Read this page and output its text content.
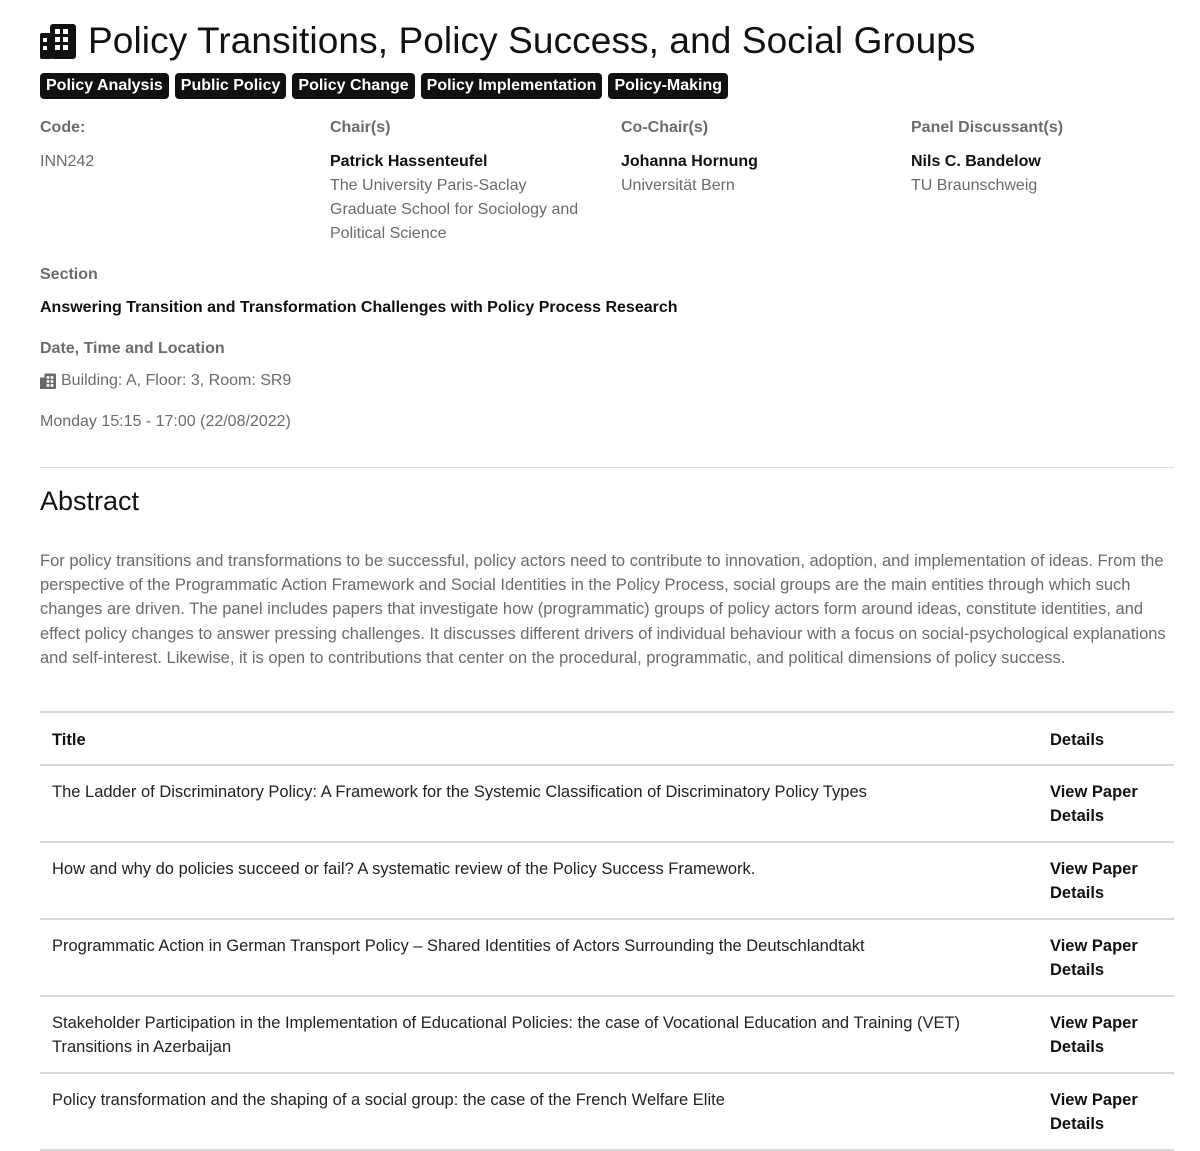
Policy Transitions, Policy Success, and Social Groups
Policy Analysis	Public Policy	Policy Change	Policy Implementation	Policy-Making
Code:
INN242
Chair(s)
Patrick Hassenteufel
The University Paris-Saclay Graduate School for Sociology and Political Science
Co-Chair(s)
Johanna Hornung
Universität Bern
Panel Discussant(s)
Nils C. Bandelow
TU Braunschweig
Section
Answering Transition and Transformation Challenges with Policy Process Research
Date, Time and Location
Building: A, Floor: 3, Room: SR9
Monday 15:15 - 17:00 (22/08/2022)
Abstract
For policy transitions and transformations to be successful, policy actors need to contribute to innovation, adoption, and implementation of ideas. From the perspective of the Programmatic Action Framework and Social Identities in the Policy Process, social groups are the main entities through which such changes are driven. The panel includes papers that investigate how (programmatic) groups of policy actors form around ideas, constitute identities, and effect policy changes to answer pressing challenges. It discusses different drivers of individual behaviour with a focus on social-psychological explanations and self-interest. Likewise, it is open to contributions that center on the procedural, programmatic, and political dimensions of policy success.
Title	Details
The Ladder of Discriminatory Policy: A Framework for the Systemic Classification of Discriminatory Policy Types	View Paper Details
How and why do policies succeed or fail? A systematic review of the Policy Success Framework.	View Paper Details
Programmatic Action in German Transport Policy – Shared Identities of Actors Surrounding the Deutschlandtakt	View Paper Details
Stakeholder Participation in the Implementation of Educational Policies: the case of Vocational Education and Training (VET) Transitions in Azerbaijan	View Paper Details
Policy transformation and the shaping of a social group: the case of the French Welfare Elite	View Paper Details
